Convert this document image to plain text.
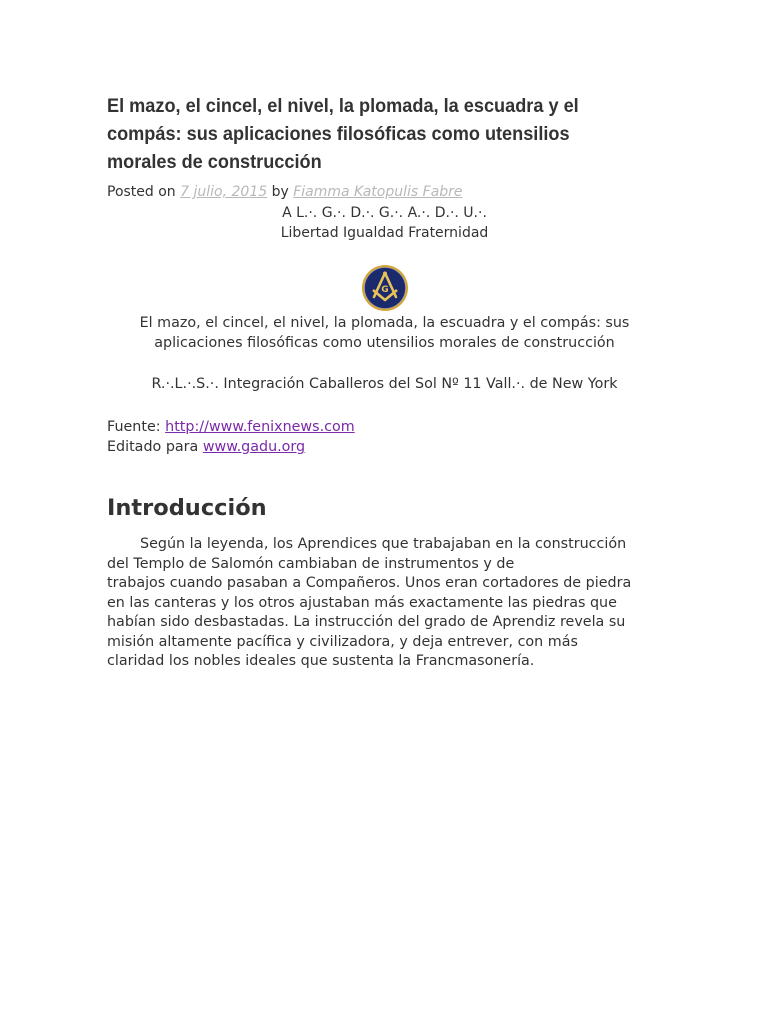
El mazo, el cincel, el nivel, la plomada, la escuadra y el
compás: sus aplicaciones filosóficas como utensilios
morales de construcción
Posted on 7 julio, 2015 by Fiamma Katopulis Fabre
A L.·. G.·. D.·. G.·. A.·. D.·. U.·.
Libertad Igualdad Fraternidad
G
El mazo, el cincel, el nivel, la plomada, la escuadra y el compás: sus
aplicaciones filosóficas como utensilios morales de construcción
R.·.L.·.S.·. Integración Caballeros del Sol Nº 11 Vall.·. de New York
Fuente: http://www.fenixnews.com
Editado para www.gadu.org
Introducción
Según la leyenda, los Aprendices que trabajaban en la construcción
del Templo de Salomón cambiaban de instrumentos y de
trabajos cuando pasaban a Compañeros. Unos eran cortadores de piedra
en las canteras y los otros ajustaban más exactamente las piedras que
habían sido desbastadas. La instrucción del grado de Aprendiz revela su
misión altamente pacífica y civilizadora, y deja entrever, con más
claridad los nobles ideales que sustenta la Francmasonería.
